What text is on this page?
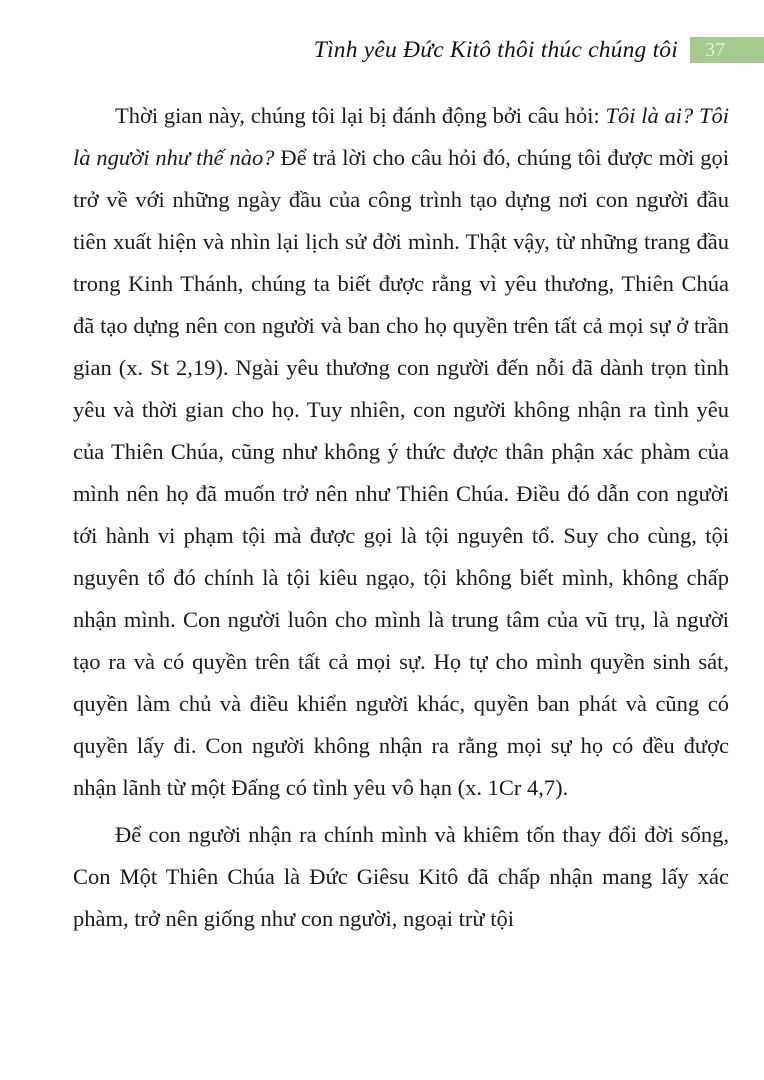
Tình yêu Đức Kitô thôi thúc chúng tôi 37

Thời gian này, chúng tôi lại bị đánh động bởi câu hỏi: Tôi là ai? Tôi là người như thế nào? Để trả lời cho câu hỏi đó, chúng tôi được mời gọi trở về với những ngày đầu của công trình tạo dựng nơi con người đầu tiên xuất hiện và nhìn lại lịch sử đời mình. Thật vậy, từ những trang đầu trong Kinh Thánh, chúng ta biết được rằng vì yêu thương, Thiên Chúa đã tạo dựng nên con người và ban cho họ quyền trên tất cả mọi sự ở trần gian (x. St 2,19). Ngài yêu thương con người đến nỗi đã dành trọn tình yêu và thời gian cho họ. Tuy nhiên, con người không nhận ra tình yêu của Thiên Chúa, cũng như không ý thức được thân phận xác phàm của mình nên họ đã muốn trở nên như Thiên Chúa. Điều đó dẫn con người tới hành vi phạm tội mà được gọi là tội nguyên tổ. Suy cho cùng, tội nguyên tổ đó chính là tội kiêu ngạo, tội không biết mình, không chấp nhận mình. Con người luôn cho mình là trung tâm của vũ trụ, là người tạo ra và có quyền trên tất cả mọi sự. Họ tự cho mình quyền sinh sát, quyền làm chủ và điều khiển người khác, quyền ban phát và cũng có quyền lấy đi. Con người không nhận ra rằng mọi sự họ có đều được nhận lãnh từ một Đấng có tình yêu vô hạn (x. 1Cr 4,7).

Để con người nhận ra chính mình và khiêm tốn thay đổi đời sống, Con Một Thiên Chúa là Đức Giêsu Kitô đã chấp nhận mang lấy xác phàm, trở nên giống như con người, ngoại trừ tội
